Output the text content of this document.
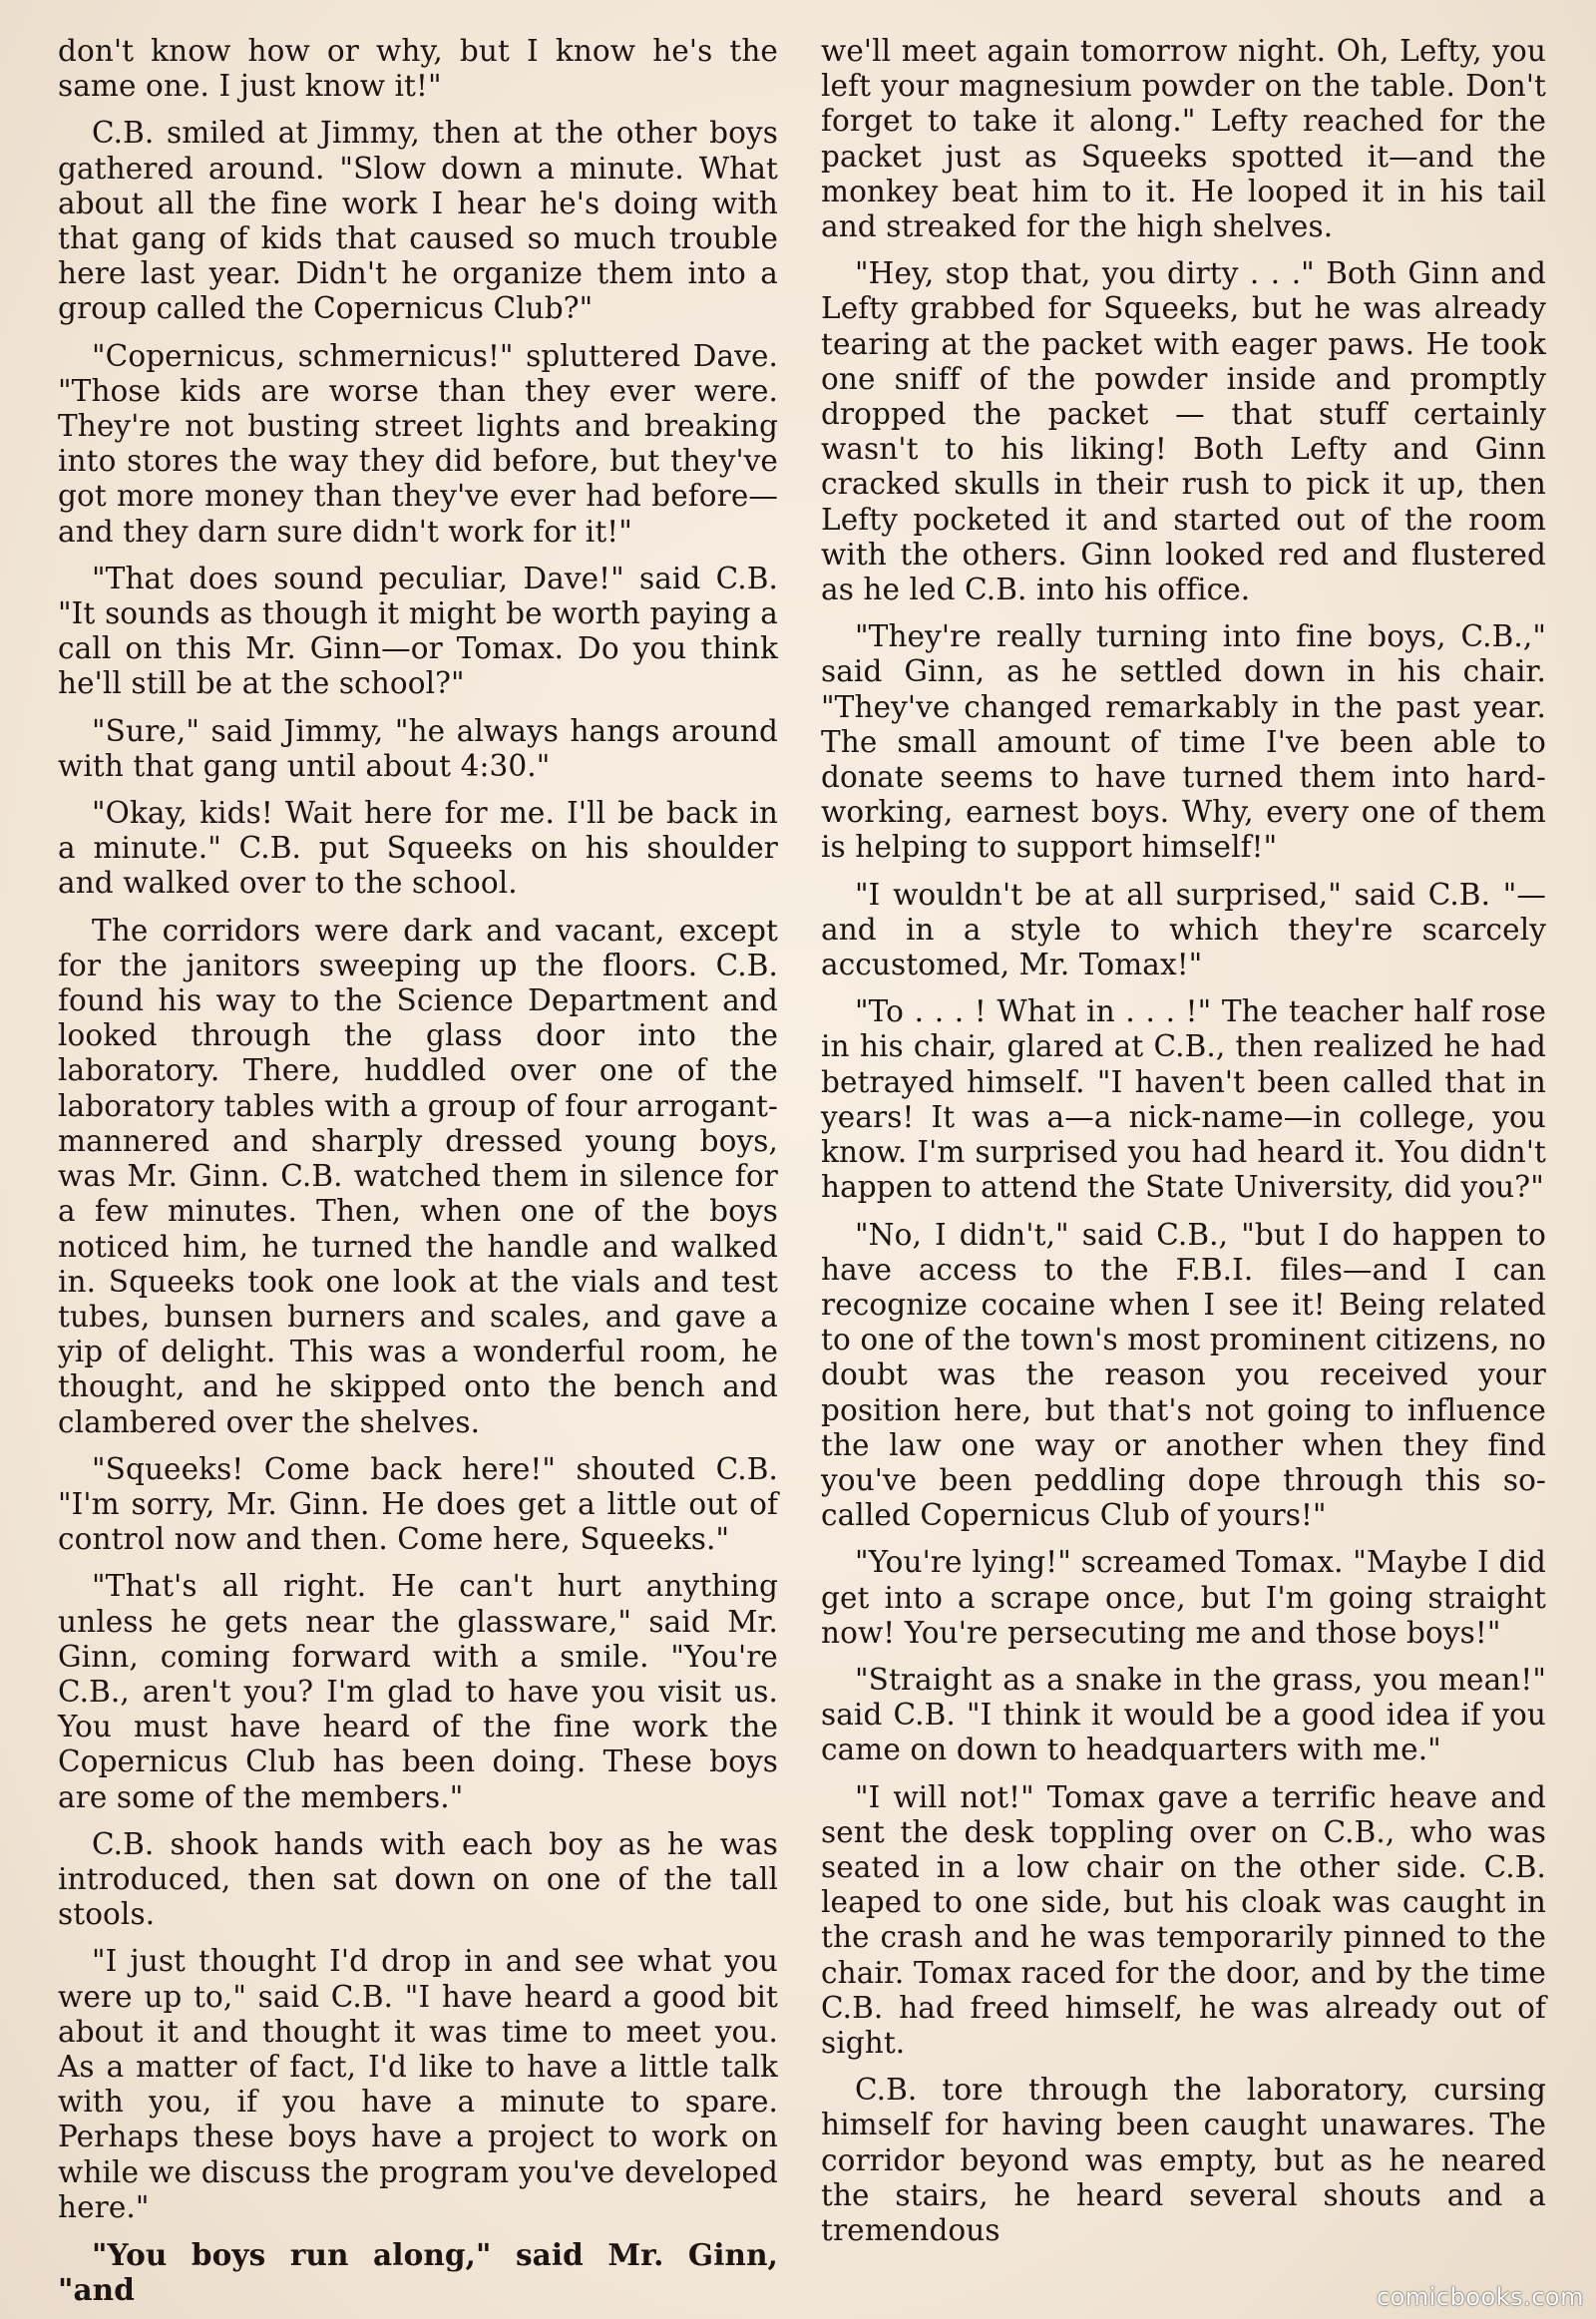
don't know how or why, but I know he's the same one. I just know it!"

C.B. smiled at Jimmy, then at the other boys gathered around. "Slow down a minute. What about all the fine work I hear he's doing with that gang of kids that caused so much trouble here last year. Didn't he organize them into a group called the Copernicus Club?"

"Copernicus, schmernicus!" spluttered Dave. "Those kids are worse than they ever were. They're not busting street lights and breaking into stores the way they did before, but they've got more money than they've ever had before—and they darn sure didn't work for it!"

"That does sound peculiar, Dave!" said C.B. "It sounds as though it might be worth paying a call on this Mr. Ginn—or Tomax. Do you think he'll still be at the school?"

"Sure," said Jimmy, "he always hangs around with that gang until about 4:30."

"Okay, kids! Wait here for me. I'll be back in a minute." C.B. put Squeeks on his shoulder and walked over to the school.

The corridors were dark and vacant, except for the janitors sweeping up the floors. C.B. found his way to the Science Department and looked through the glass door into the laboratory. There, huddled over one of the laboratory tables with a group of four arrogant-mannered and sharply dressed young boys, was Mr. Ginn. C.B. watched them in silence for a few minutes. Then, when one of the boys noticed him, he turned the handle and walked in. Squeeks took one look at the vials and test tubes, bunsen burners and scales, and gave a yip of delight. This was a wonderful room, he thought, and he skipped onto the bench and clambered over the shelves.

"Squeeks! Come back here!" shouted C.B. "I'm sorry, Mr. Ginn. He does get a little out of control now and then. Come here, Squeeks."

"That's all right. He can't hurt anything unless he gets near the glassware," said Mr. Ginn, coming forward with a smile. "You're C.B., aren't you? I'm glad to have you visit us. You must have heard of the fine work the Copernicus Club has been doing. These boys are some of the members."

C.B. shook hands with each boy as he was introduced, then sat down on one of the tall stools.

"I just thought I'd drop in and see what you were up to," said C.B. "I have heard a good bit about it and thought it was time to meet you. As a matter of fact, I'd like to have a little talk with you, if you have a minute to spare. Perhaps these boys have a project to work on while we discuss the program you've developed here."

"You boys run along," said Mr. Ginn, "and

we'll meet again tomorrow night. Oh, Lefty, you left your magnesium powder on the table. Don't forget to take it along." Lefty reached for the packet just as Squeeks spotted it—and the monkey beat him to it. He looped it in his tail and streaked for the high shelves.

"Hey, stop that, you dirty . . ." Both Ginn and Lefty grabbed for Squeeks, but he was already tearing at the packet with eager paws. He took one sniff of the powder inside and promptly dropped the packet — that stuff certainly wasn't to his liking! Both Lefty and Ginn cracked skulls in their rush to pick it up, then Lefty pocketed it and started out of the room with the others. Ginn looked red and flustered as he led C.B. into his office.

"They're really turning into fine boys, C.B.," said Ginn, as he settled down in his chair. "They've changed remarkably in the past year. The small amount of time I've been able to donate seems to have turned them into hard-working, earnest boys. Why, every one of them is helping to support himself!"

"I wouldn't be at all surprised," said C.B. "—and in a style to which they're scarcely accustomed, Mr. Tomax!"

"To . . . ! What in . . . !" The teacher half rose in his chair, glared at C.B., then realized he had betrayed himself. "I haven't been called that in years! It was a—a nick-name—in college, you know. I'm surprised you had heard it. You didn't happen to attend the State University, did you?"

"No, I didn't," said C.B., "but I do happen to have access to the F.B.I. files—and I can recognize cocaine when I see it! Being related to one of the town's most prominent citizens, no doubt was the reason you received your position here, but that's not going to influence the law one way or another when they find you've been peddling dope through this so-called Copernicus Club of yours!"

"You're lying!" screamed Tomax. "Maybe I did get into a scrape once, but I'm going straight now! You're persecuting me and those boys!"

"Straight as a snake in the grass, you mean!" said C.B. "I think it would be a good idea if you came on down to headquarters with me."

"I will not!" Tomax gave a terrific heave and sent the desk toppling over on C.B., who was seated in a low chair on the other side. C.B. leaped to one side, but his cloak was caught in the crash and he was temporarily pinned to the chair. Tomax raced for the door, and by the time C.B. had freed himself, he was already out of sight.

C.B. tore through the laboratory, cursing himself for having been caught unawares. The corridor beyond was empty, but as he neared the stairs, he heard several shouts and a tremendous

comicbooks.com
